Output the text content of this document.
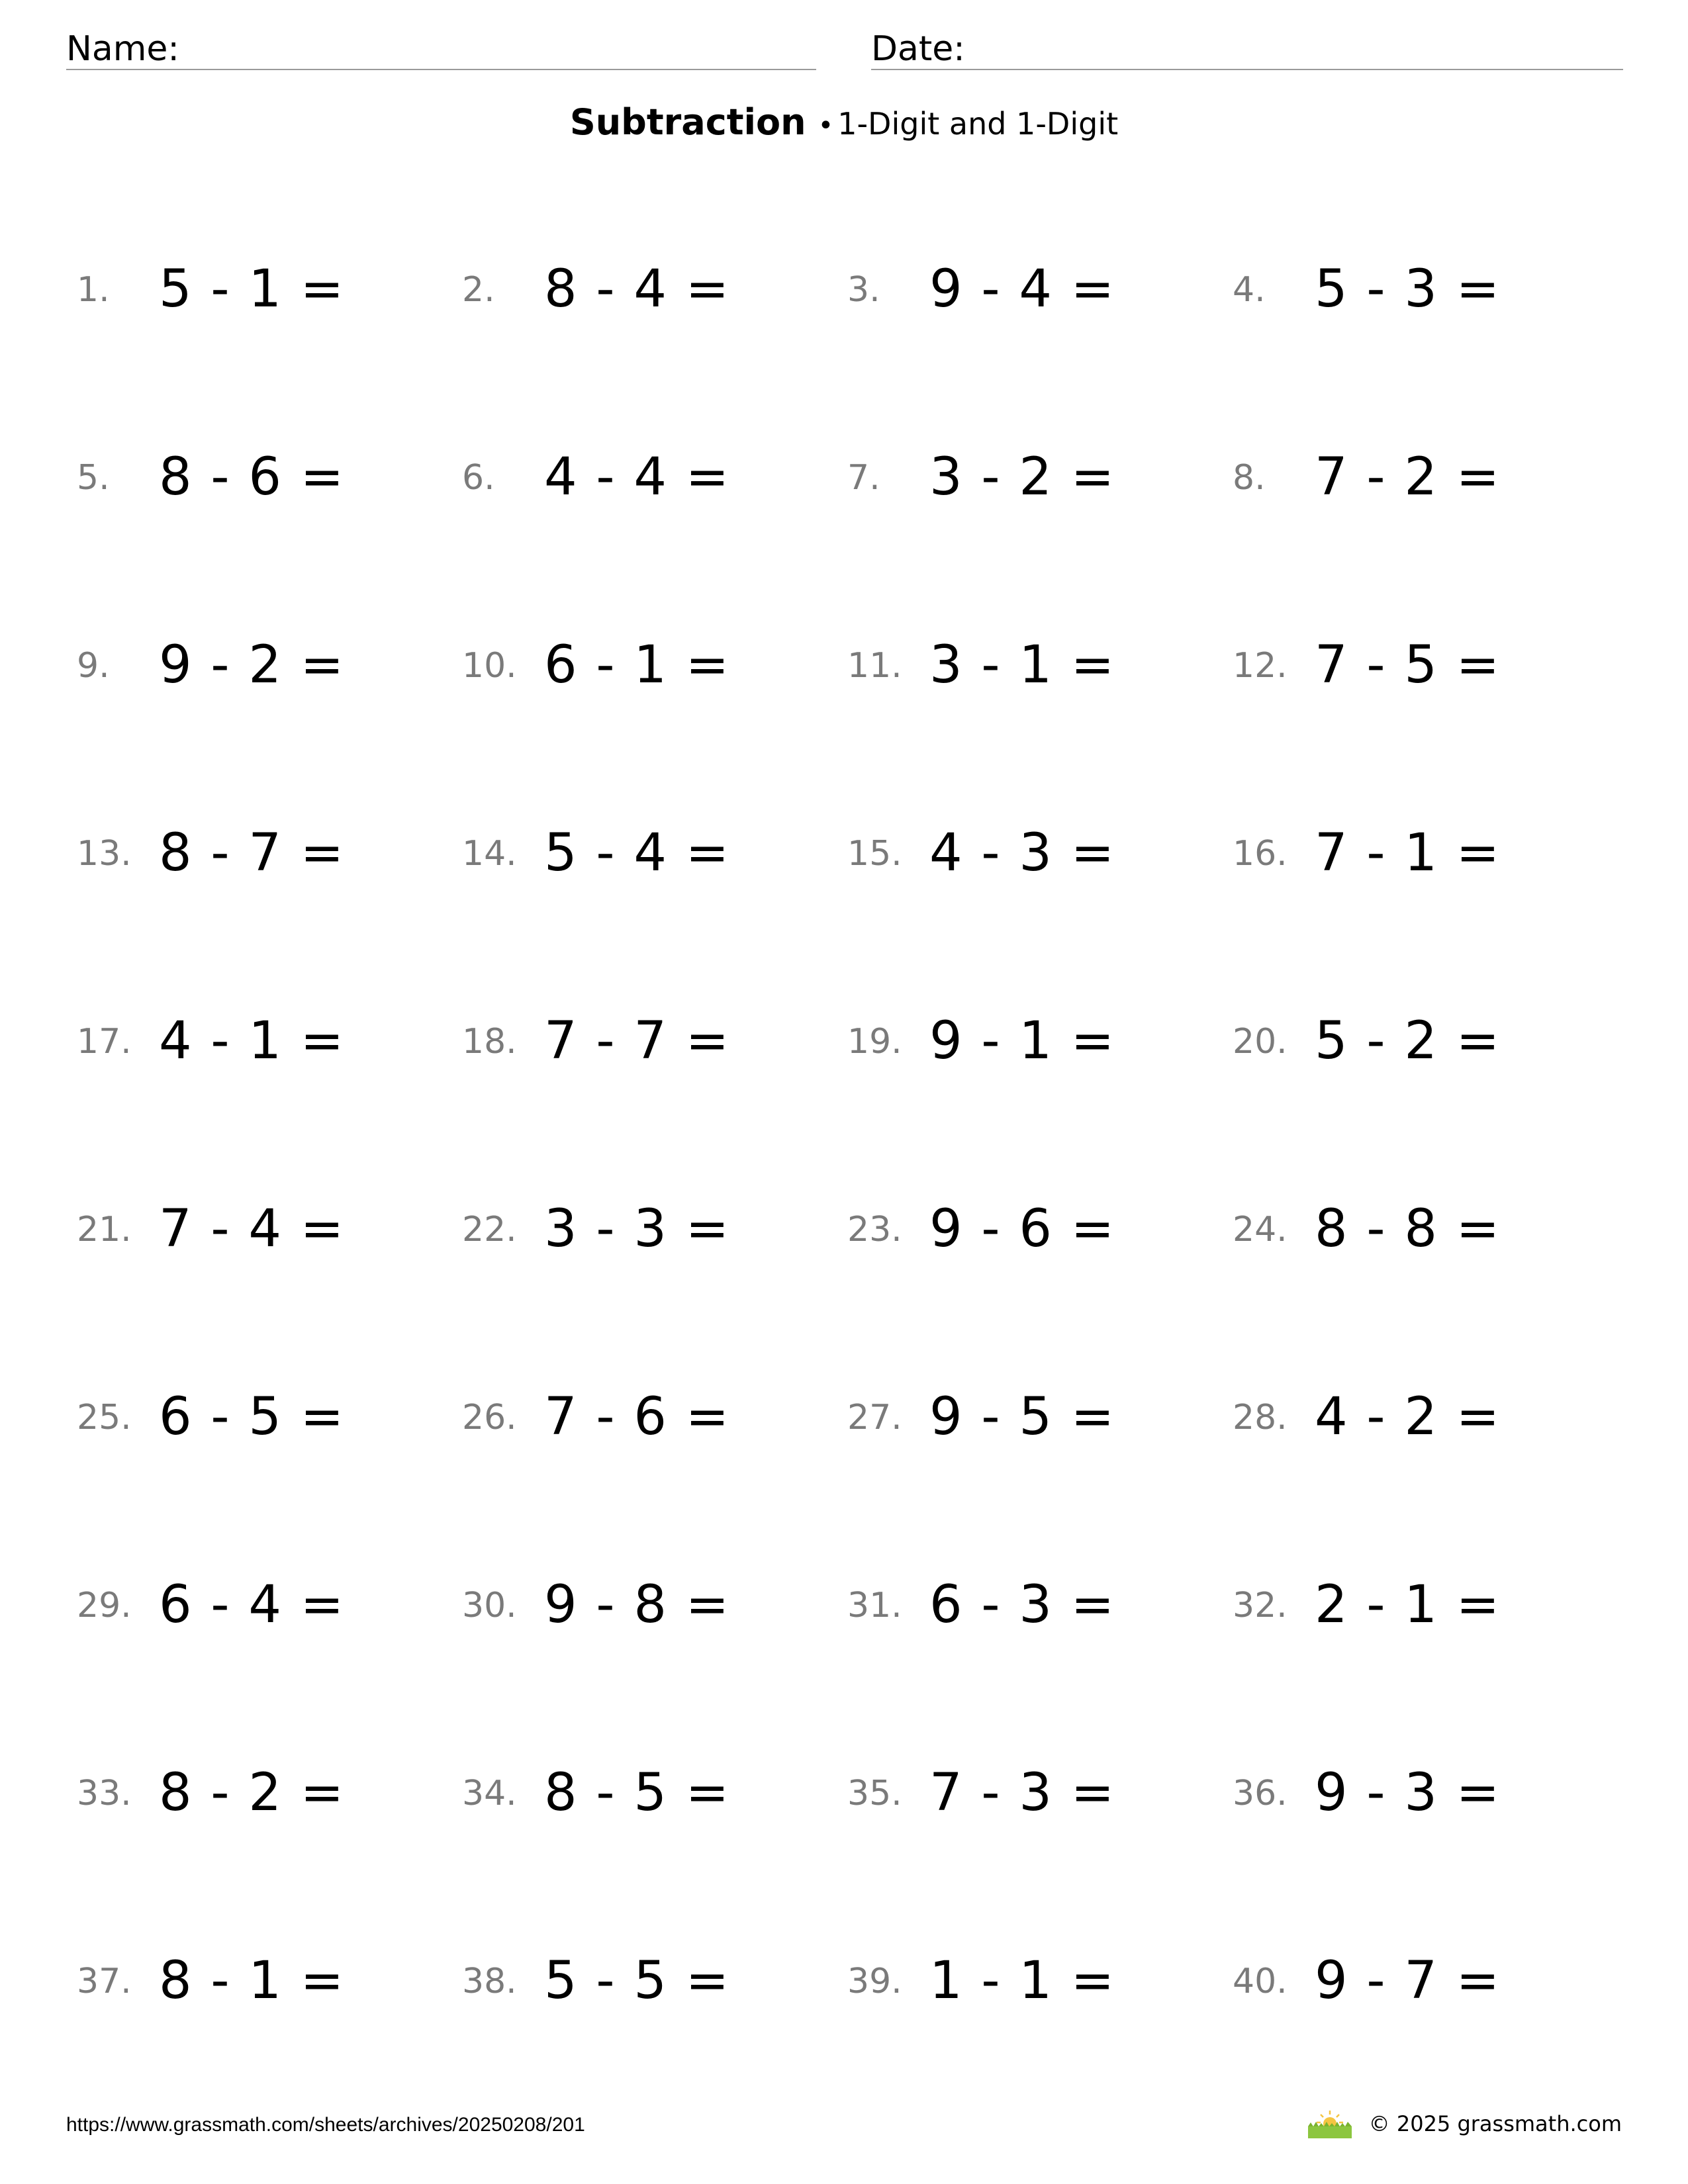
Name:	Date:
Subtraction • 1-Digit and 1-Digit
1. 5 - 1 =	2. 8 - 4 =	3. 9 - 4 =	4. 5 - 3 =
5. 8 - 6 =	6. 4 - 4 =	7. 3 - 2 =	8. 7 - 2 =
9. 9 - 2 =	10. 6 - 1 =	11. 3 - 1 =	12. 7 - 5 =
13. 8 - 7 =	14. 5 - 4 =	15. 4 - 3 =	16. 7 - 1 =
17. 4 - 1 =	18. 7 - 7 =	19. 9 - 1 =	20. 5 - 2 =
21. 7 - 4 =	22. 3 - 3 =	23. 9 - 6 =	24. 8 - 8 =
25. 6 - 5 =	26. 7 - 6 =	27. 9 - 5 =	28. 4 - 2 =
29. 6 - 4 =	30. 9 - 8 =	31. 6 - 3 =	32. 2 - 1 =
33. 8 - 2 =	34. 8 - 5 =	35. 7 - 3 =	36. 9 - 3 =
37. 8 - 1 =	38. 5 - 5 =	39. 1 - 1 =	40. 9 - 7 =
https://www.grassmath.com/sheets/archives/20250208/201	© 2025 grassmath.com
